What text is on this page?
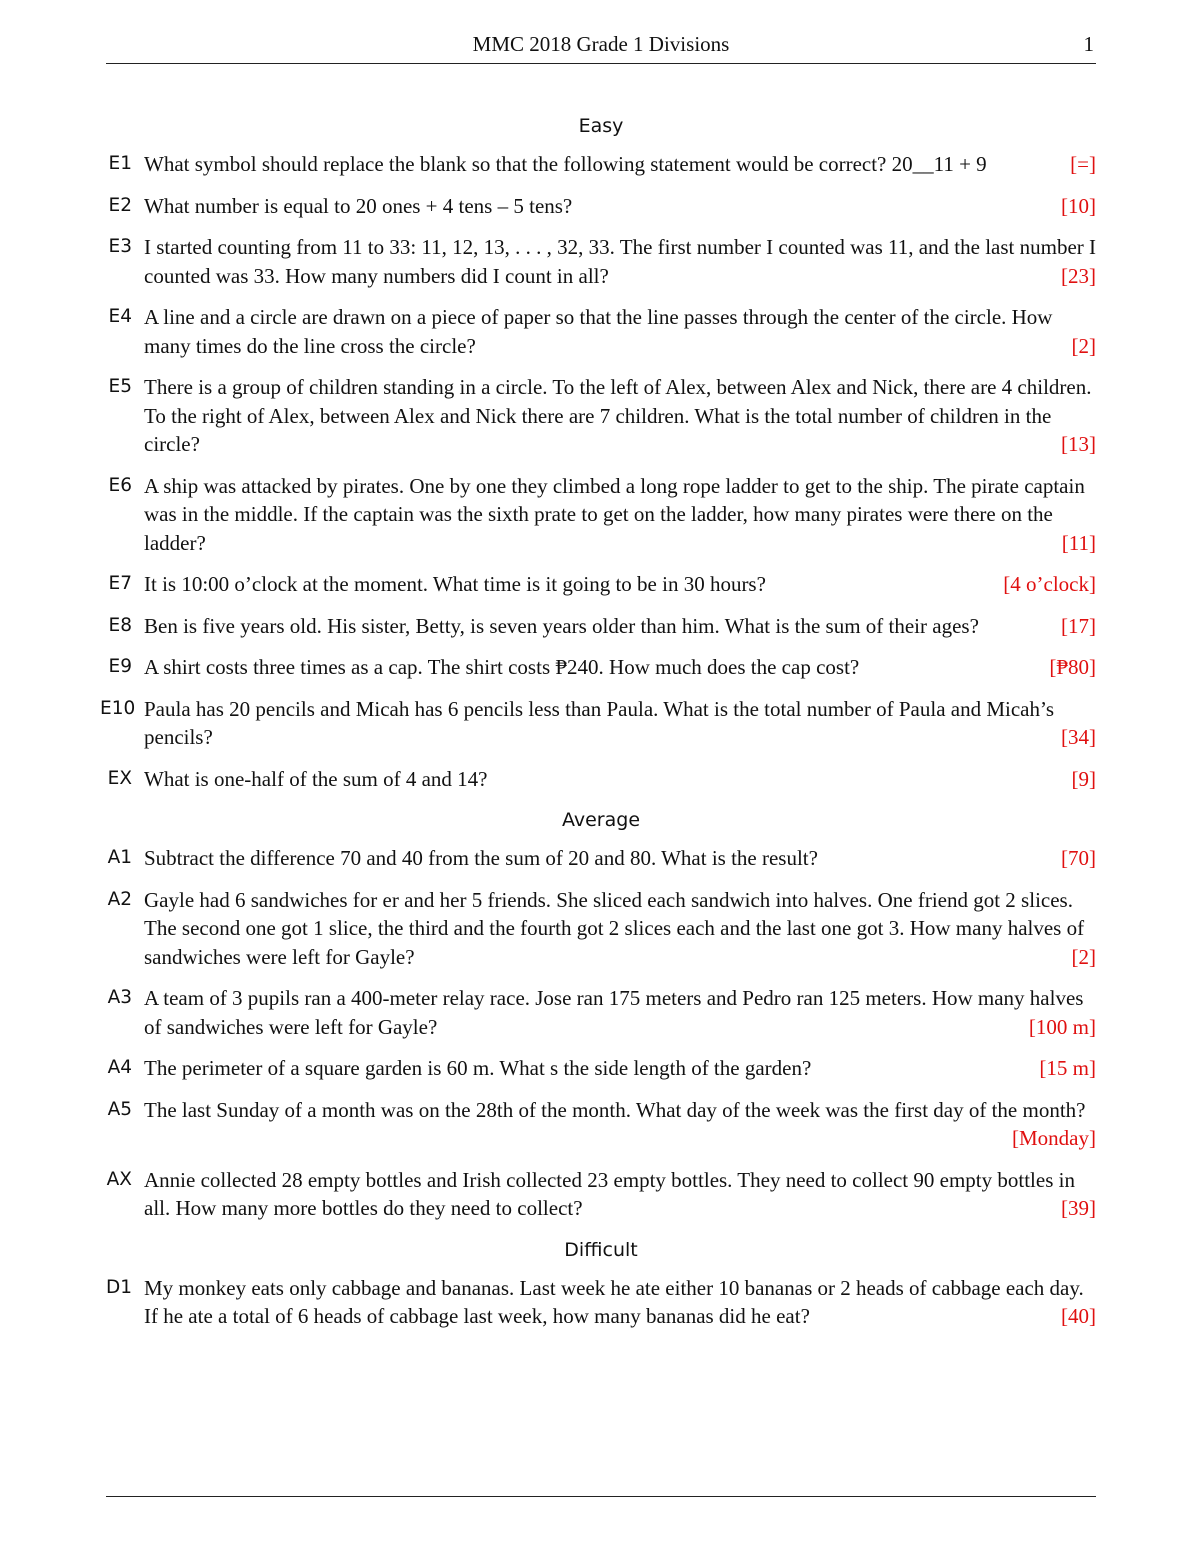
MMC 2018 Grade 1 Divisions	1
Easy
E1 What symbol should replace the blank so that the following statement would be correct? 20__11 + 9	[=]
E2 What number is equal to 20 ones + 4 tens – 5 tens?	[10]
E3 I started counting from 11 to 33: 11, 12, 13, . . . , 32, 33. The first number I counted was 11, and the last number I counted was 33. How many numbers did I count in all?	[23]
E4 A line and a circle are drawn on a piece of paper so that the line passes through the center of the circle. How many times do the line cross the circle?	[2]
E5 There is a group of children standing in a circle. To the left of Alex, between Alex and Nick, there are 4 children. To the right of Alex, between Alex and Nick there are 7 children. What is the total number of children in the circle?	[13]
E6 A ship was attacked by pirates. One by one they climbed a long rope ladder to get to the ship. The pirate captain was in the middle. If the captain was the sixth prate to get on the ladder, how many pirates were there on the ladder?	[11]
E7 It is 10:00 o’clock at the moment. What time is it going to be in 30 hours?	[4 o’clock]
E8 Ben is five years old. His sister, Betty, is seven years older than him. What is the sum of their ages?	[17]
E9 A shirt costs three times as a cap. The shirt costs ₱240. How much does the cap cost?	[₱80]
E10 Paula has 20 pencils and Micah has 6 pencils less than Paula. What is the total number of Paula and Micah’s pencils?	[34]
EX What is one-half of the sum of 4 and 14?	[9]
Average
A1 Subtract the difference 70 and 40 from the sum of 20 and 80. What is the result?	[70]
A2 Gayle had 6 sandwiches for er and her 5 friends. She sliced each sandwich into halves. One friend got 2 slices. The second one got 1 slice, the third and the fourth got 2 slices each and the last one got 3. How many halves of sandwiches were left for Gayle?	[2]
A3 A team of 3 pupils ran a 400-meter relay race. Jose ran 175 meters and Pedro ran 125 meters. How many halves of sandwiches were left for Gayle?	[100 m]
A4 The perimeter of a square garden is 60 m. What s the side length of the garden?	[15 m]
A5 The last Sunday of a month was on the 28th of the month. What day of the week was the first day of the month?
[Monday]
AX Annie collected 28 empty bottles and Irish collected 23 empty bottles. They need to collect 90 empty bottles in all. How many more bottles do they need to collect?	[39]
Difficult
D1 My monkey eats only cabbage and bananas. Last week he ate either 10 bananas or 2 heads of cabbage each day. If he ate a total of 6 heads of cabbage last week, how many bananas did he eat?	[40]
